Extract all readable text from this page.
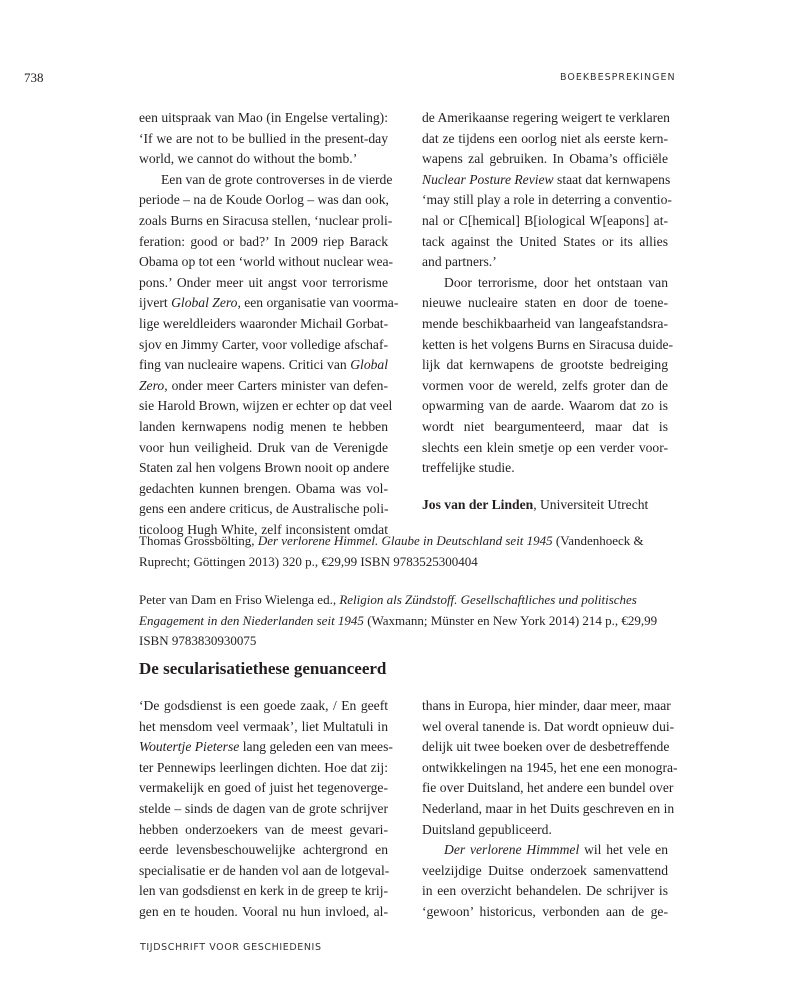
738	BOEKBESPREKINGEN
een uitspraak van Mao (in Engelse vertaling):
‘If we are not to be bullied in the present-day
world, we cannot do without the bomb.’
Een van de grote controverses in de vierde
periode – na de Koude Oorlog – was dan ook,
zoals Burns en Siracusa stellen, ‘nuclear proli-
feration: good or bad?’ In 2009 riep Barack
Obama op tot een ‘world without nuclear wea-
pons.’ Onder meer uit angst voor terrorisme
ijvert Global Zero, een organisatie van voorma-
lige wereldleiders waaronder Michail Gorbat-
sjov en Jimmy Carter, voor volledige afschaf-
fing van nucleaire wapens. Critici van Global
Zero, onder meer Carters minister van defen-
sie Harold Brown, wijzen er echter op dat veel
landen kernwapens nodig menen te hebben
voor hun veiligheid. Druk van de Verenigde
Staten zal hen volgens Brown nooit op andere
gedachten kunnen brengen. Obama was vol-
gens een andere criticus, de Australische poli-
ticoloog Hugh White, zelf inconsistent omdat
de Amerikaanse regering weigert te verklaren
dat ze tijdens een oorlog niet als eerste kern-
wapens zal gebruiken. In Obama’s officiële
Nuclear Posture Review staat dat kernwapens
‘may still play a role in deterring a conventio-
nal or C[hemical] B[iological W[eapons] at-
tack against the United States or its allies
and partners.’
Door terrorisme, door het ontstaan van
nieuwe nucleaire staten en door de toene-
mende beschikbaarheid van langeafstandsra-
ketten is het volgens Burns en Siracusa duide-
lijk dat kernwapens de grootste bedreiging
vormen voor de wereld, zelfs groter dan de
opwarming van de aarde. Waarom dat zo is
wordt niet beargumenteerd, maar dat is
slechts een klein smetje op een verder voor-
treffelijke studie.

Jos van der Linden, Universiteit Utrecht

Thomas Grossbölting, Der verlorene Himmel. Glaube in Deutschland seit 1945 (Vandenhoeck & Ruprecht; Göttingen 2013) 320 p., €29,99 ISBN 9783525300404

Peter van Dam en Friso Wielenga ed., Religion als Zündstoff. Gesellschaftliches und politisches Engagement in den Niederlanden seit 1945 (Waxmann; Münster en New York 2014) 214 p., €29,99 ISBN 9783830930075

De secularisatiethese genuanceerd
‘De godsdienst is een goede zaak, / En geeft
het mensdom veel vermaak’, liet Multatuli in
Woutertje Pieterse lang geleden een van mees-
ter Pennewips leerlingen dichten. Hoe dat zij:
vermakelijk en goed of juist het tegenoverge-
stelde – sinds de dagen van de grote schrijver
hebben onderzoekers van de meest gevari-
eerde levensbeschouwelijke achtergrond en
specialisatie er de handen vol aan de lotgeval-
len van godsdienst en kerk in de greep te krij-
gen en te houden. Vooral nu hun invloed, al-
thans in Europa, hier minder, daar meer, maar
wel overal tanende is. Dat wordt opnieuw dui-
delijk uit twee boeken over de desbetreffende
ontwikkelingen na 1945, het ene een monogra-
fie over Duitsland, het andere een bundel over
Nederland, maar in het Duits geschreven en in
Duitsland gepubliceerd.
Der verlorene Himmmel wil het vele en
veelzijdige Duitse onderzoek samenvattend
in een overzicht behandelen. De schrijver is
‘gewoon’ historicus, verbonden aan de ge-
TIJDSCHRIFT VOOR GESCHIEDENIS
